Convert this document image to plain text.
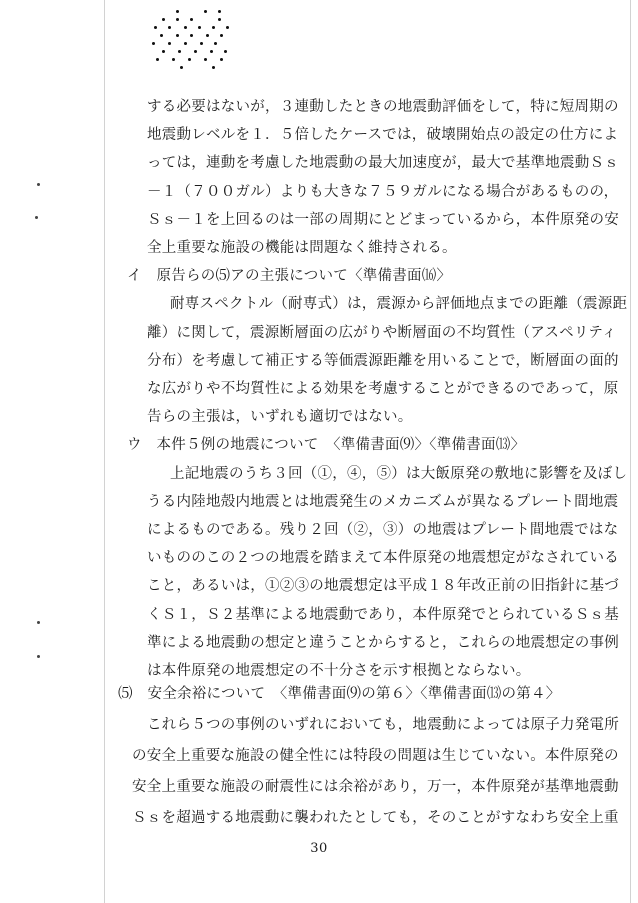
する必要はないが，３連動したときの地震動評価をして，特に短周期の
地震動レベルを１．５倍したケースでは，破壊開始点の設定の仕方によ
っては，連動を考慮した地震動の最大加速度が，最大で基準地震動Ｓｓ
－１（７００ガル）よりも大きな７５９ガルになる場合があるものの，
Ｓｓ－１を上回るのは一部の周期にとどまっているから，本件原発の安
全上重要な施設の機能は問題なく維持される。
イ　原告らの⑸アの主張について〈準備書面⒃〉
耐専スペクトル（耐専式）は，震源から評価地点までの距離（震源距
離）に関して，震源断層面の広がりや断層面の不均質性（アスペリティ
分布）を考慮して補正する等価震源距離を用いることで，断層面の面的
な広がりや不均質性による効果を考慮することができるのであって，原
告らの主張は，いずれも適切ではない。
ウ　本件５例の地震について　〈準備書面⑼〉〈準備書面⒀〉
上記地震のうち３回（①，④，⑤）は大飯原発の敷地に影響を及ぼし
うる内陸地殻内地震とは地震発生のメカニズムが異なるプレート間地震
によるものである。残り２回（②，③）の地震はプレート間地震ではな
いもののこの２つの地震を踏まえて本件原発の地震想定がなされている
こと，あるいは，①②③の地震想定は平成１８年改正前の旧指針に基づ
くＳ１，Ｓ２基準による地震動であり，本件原発でとられているＳｓ基
準による地震動の想定と違うことからすると，これらの地震想定の事例
は本件原発の地震想定の不十分さを示す根拠とならない。
⑸　安全余裕について　〈準備書面⑼の第６〉〈準備書面⒀の第４〉
30
これら５つの事例のいずれにおいても，地震動によっては原子力発電所
の安全上重要な施設の健全性には特段の問題は生じていない。本件原発の
安全上重要な施設の耐震性には余裕があり，万一，本件原発が基準地震動
Ｓｓを超過する地震動に襲われたとしても，そのことがすなわち安全上重
